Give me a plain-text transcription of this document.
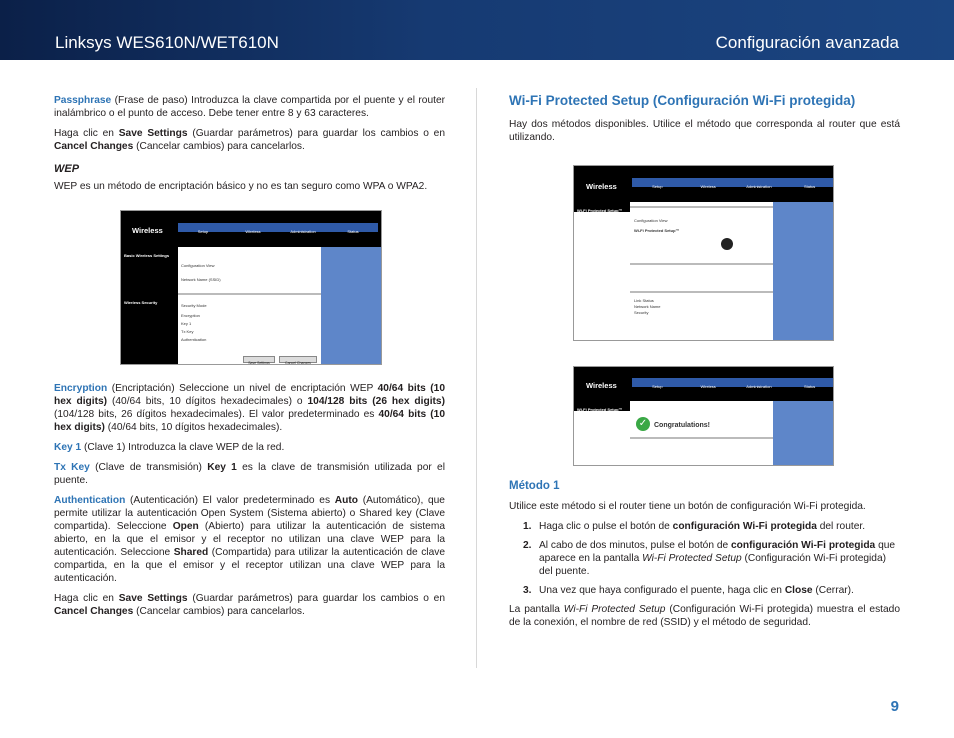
Linksys WES610N/WET610N	Configuración avanzada

Passphrase (Frase de paso) Introduzca la clave compartida por el puente y el router inalámbrico o el punto de acceso. Debe tener entre 8 y 63 caracteres.

Haga clic en Save Settings (Guardar parámetros) para guardar los cambios o en Cancel Changes (Cancelar cambios) para cancelarlos.

WEP

WEP es un método de encriptación básico y no es tan seguro como WPA o WPA2.

Wireless	Setup	Wireless	Administration	Status
Basic Wireless Settings
Wireless Security
Configuration View
Network Name (SSID)
Security Mode
Encryption
Key 1
Tx Key
Authentication
Save Settings	Cancel Changes

Encryption (Encriptación) Seleccione un nivel de encriptación WEP 40/64 bits (10 hex digits) (40/64 bits, 10 dígitos hexadecimales) o 104/128 bits (26 hex digits) (104/128 bits, 26 dígitos hexadecimales). El valor predeterminado es 40/64 bits (10 hex digits) (40/64 bits, 10 dígitos hexadecimales).

Key 1 (Clave 1) Introduzca la clave WEP de la red.

Tx Key (Clave de transmisión) Key 1 es la clave de transmisión utilizada por el puente.

Authentication (Autenticación) El valor predeterminado es Auto (Automático), que permite utilizar la autenticación Open System (Sistema abierto) o Shared key (Clave compartida). Seleccione Open (Abierto) para utilizar la autenticación de sistema abierto, en la que el emisor y el receptor no utilizan una clave WEP para la autenticación. Seleccione Shared (Compartida) para utilizar la autenticación de clave compartida, en la que el emisor y el receptor utilizan una clave WEP para la autenticación.

Haga clic en Save Settings (Guardar parámetros) para guardar los cambios o en Cancel Changes (Cancelar cambios) para cancelarlos.

Wi-Fi Protected Setup (Configuración Wi-Fi protegida)

Hay dos métodos disponibles. Utilice el método que corresponda al router que está utilizando.

Wireless	Setup	Wireless	Administration	Status
Wi-Fi Protected Setup™
Configuration View
Wi-Fi Protected Setup™
Link Status
Network Name
Security
Wireless	Setup	Wireless	Administration	Status
Wi-Fi Protected Setup™
✓ Congratulations!
Método 1

Utilice este método si el router tiene un botón de configuración Wi-Fi protegida.

1. Haga clic o pulse el botón de configuración Wi-Fi protegida del router.
2. Al cabo de dos minutos, pulse el botón de configuración Wi-Fi protegida que aparece en la pantalla Wi-Fi Protected Setup (Configuración Wi-Fi protegida) del puente.
3. Una vez que haya configurado el puente, haga clic en Close (Cerrar).

La pantalla Wi-Fi Protected Setup (Configuración Wi-Fi protegida) muestra el estado de la conexión, el nombre de red (SSID) y el método de seguridad.

9
